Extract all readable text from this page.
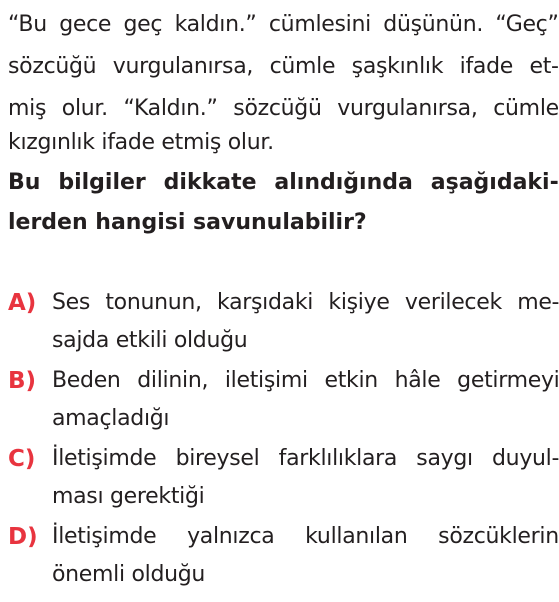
“Bu gece geç kaldın.” cümlesini düşünün. “Geç”
sözcüğü vurgulanırsa, cümle şaşkınlık ifade et-
miş olur. “Kaldın.” sözcüğü vurgulanırsa, cümle
kızgınlık ifade etmiş olur.
Bu bilgiler dikkate alındığında aşağıdaki-
lerden hangisi savunulabilir?
A) Ses tonunun, karşıdaki kişiye verilecek me-
sajda etkili olduğu
B) Beden dilinin, iletişimi etkin hâle getirmeyi
amaçladığı
C) İletişimde bireysel farklılıklara saygı duyul-
ması gerektiği
D) İletişimde yalnızca kullanılan sözcüklerin
önemli olduğu
